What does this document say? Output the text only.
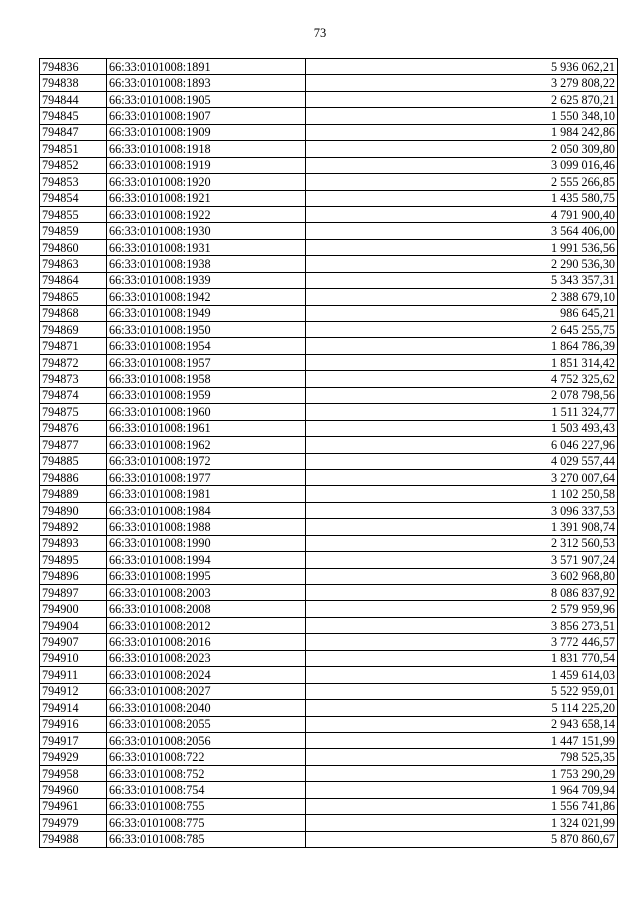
73
794836	66:33:0101008:1891	5 936 062,21
794838	66:33:0101008:1893	3 279 808,22
794844	66:33:0101008:1905	2 625 870,21
794845	66:33:0101008:1907	1 550 348,10
794847	66:33:0101008:1909	1 984 242,86
794851	66:33:0101008:1918	2 050 309,80
794852	66:33:0101008:1919	3 099 016,46
794853	66:33:0101008:1920	2 555 266,85
794854	66:33:0101008:1921	1 435 580,75
794855	66:33:0101008:1922	4 791 900,40
794859	66:33:0101008:1930	3 564 406,00
794860	66:33:0101008:1931	1 991 536,56
794863	66:33:0101008:1938	2 290 536,30
794864	66:33:0101008:1939	5 343 357,31
794865	66:33:0101008:1942	2 388 679,10
794868	66:33:0101008:1949	986 645,21
794869	66:33:0101008:1950	2 645 255,75
794871	66:33:0101008:1954	1 864 786,39
794872	66:33:0101008:1957	1 851 314,42
794873	66:33:0101008:1958	4 752 325,62
794874	66:33:0101008:1959	2 078 798,56
794875	66:33:0101008:1960	1 511 324,77
794876	66:33:0101008:1961	1 503 493,43
794877	66:33:0101008:1962	6 046 227,96
794885	66:33:0101008:1972	4 029 557,44
794886	66:33:0101008:1977	3 270 007,64
794889	66:33:0101008:1981	1 102 250,58
794890	66:33:0101008:1984	3 096 337,53
794892	66:33:0101008:1988	1 391 908,74
794893	66:33:0101008:1990	2 312 560,53
794895	66:33:0101008:1994	3 571 907,24
794896	66:33:0101008:1995	3 602 968,80
794897	66:33:0101008:2003	8 086 837,92
794900	66:33:0101008:2008	2 579 959,96
794904	66:33:0101008:2012	3 856 273,51
794907	66:33:0101008:2016	3 772 446,57
794910	66:33:0101008:2023	1 831 770,54
794911	66:33:0101008:2024	1 459 614,03
794912	66:33:0101008:2027	5 522 959,01
794914	66:33:0101008:2040	5 114 225,20
794916	66:33:0101008:2055	2 943 658,14
794917	66:33:0101008:2056	1 447 151,99
794929	66:33:0101008:722	798 525,35
794958	66:33:0101008:752	1 753 290,29
794960	66:33:0101008:754	1 964 709,94
794961	66:33:0101008:755	1 556 741,86
794979	66:33:0101008:775	1 324 021,99
794988	66:33:0101008:785	5 870 860,67
